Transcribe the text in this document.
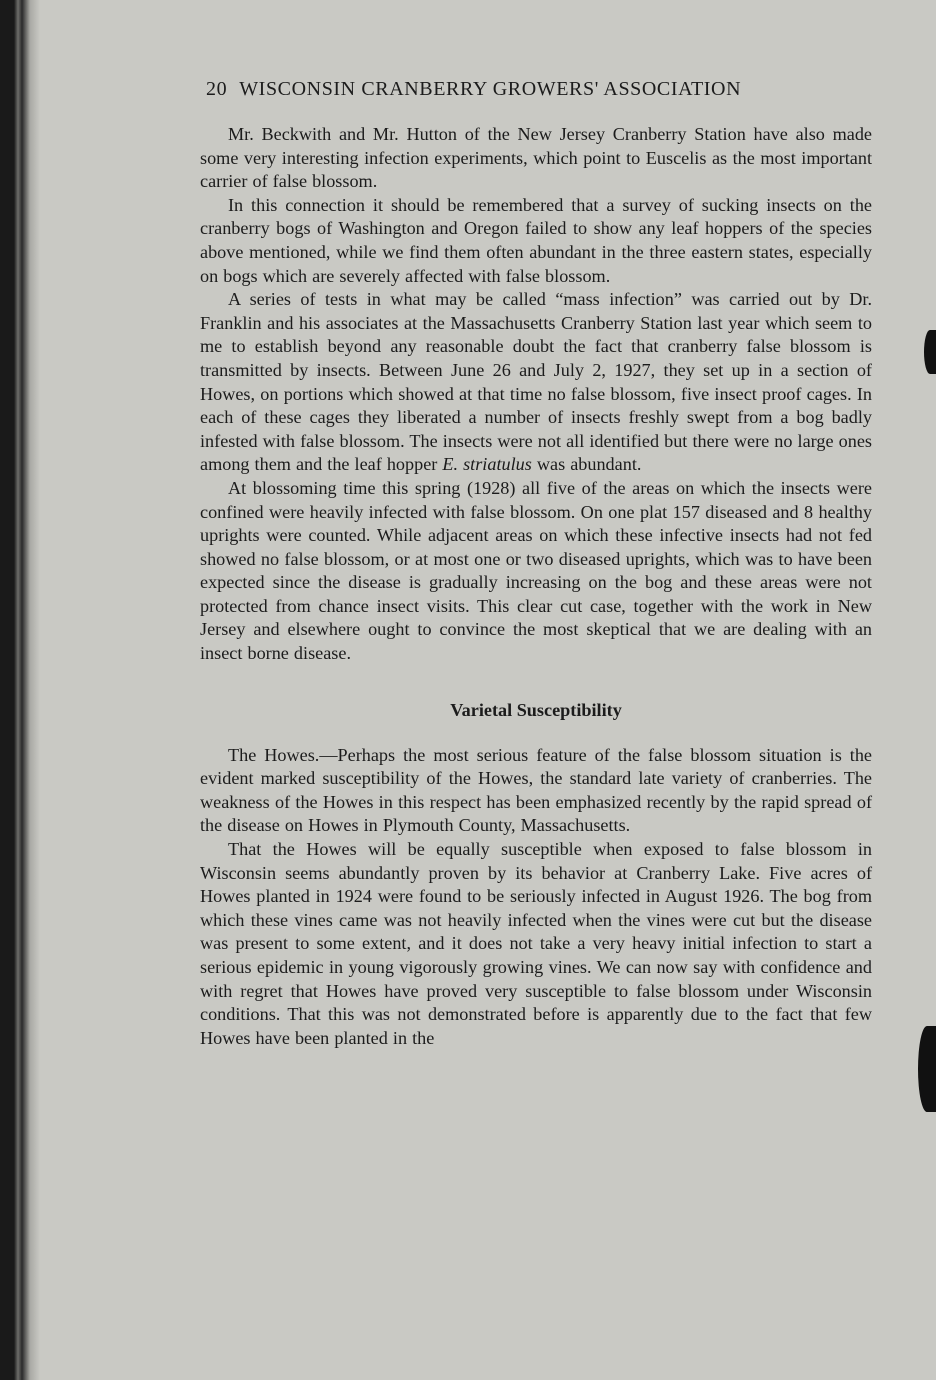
20 WISCONSIN CRANBERRY GROWERS' ASSOCIATION

Mr. Beckwith and Mr. Hutton of the New Jersey Cranberry Station have also made some very interesting infection experiments, which point to Euscelis as the most important carrier of false blossom.

In this connection it should be remembered that a survey of sucking insects on the cranberry bogs of Washington and Oregon failed to show any leaf hoppers of the species above mentioned, while we find them often abundant in the three eastern states, especially on bogs which are severely affected with false blossom.

A series of tests in what may be called “mass infection” was carried out by Dr. Franklin and his associates at the Massachusetts Cranberry Station last year which seem to me to establish beyond any reasonable doubt the fact that cranberry false blossom is transmitted by insects. Between June 26 and July 2, 1927, they set up in a section of Howes, on portions which showed at that time no false blossom, five insect proof cages. In each of these cages they liberated a number of insects freshly swept from a bog badly infested with false blossom. The insects were not all identified but there were no large ones among them and the leaf hopper E. striatulus was abundant.

At blossoming time this spring (1928) all five of the areas on which the insects were confined were heavily infected with false blossom. On one plat 157 diseased and 8 healthy uprights were counted. While adjacent areas on which these infective insects had not fed showed no false blossom, or at most one or two diseased uprights, which was to have been expected since the disease is gradually increasing on the bog and these areas were not protected from chance insect visits. This clear cut case, together with the work in New Jersey and elsewhere ought to convince the most skeptical that we are dealing with an insect borne disease.

Varietal Susceptibility

The Howes.—Perhaps the most serious feature of the false blossom situation is the evident marked susceptibility of the Howes, the standard late variety of cranberries. The weakness of the Howes in this respect has been emphasized recently by the rapid spread of the disease on Howes in Plymouth County, Massachusetts.

That the Howes will be equally susceptible when exposed to false blossom in Wisconsin seems abundantly proven by its behavior at Cranberry Lake. Five acres of Howes planted in 1924 were found to be seriously infected in August 1926. The bog from which these vines came was not heavily infected when the vines were cut but the disease was present to some extent, and it does not take a very heavy initial infection to start a serious epidemic in young vigorously growing vines. We can now say with confidence and with regret that Howes have proved very susceptible to false blossom under Wisconsin conditions. That this was not demonstrated before is apparently due to the fact that few Howes have been planted in the
